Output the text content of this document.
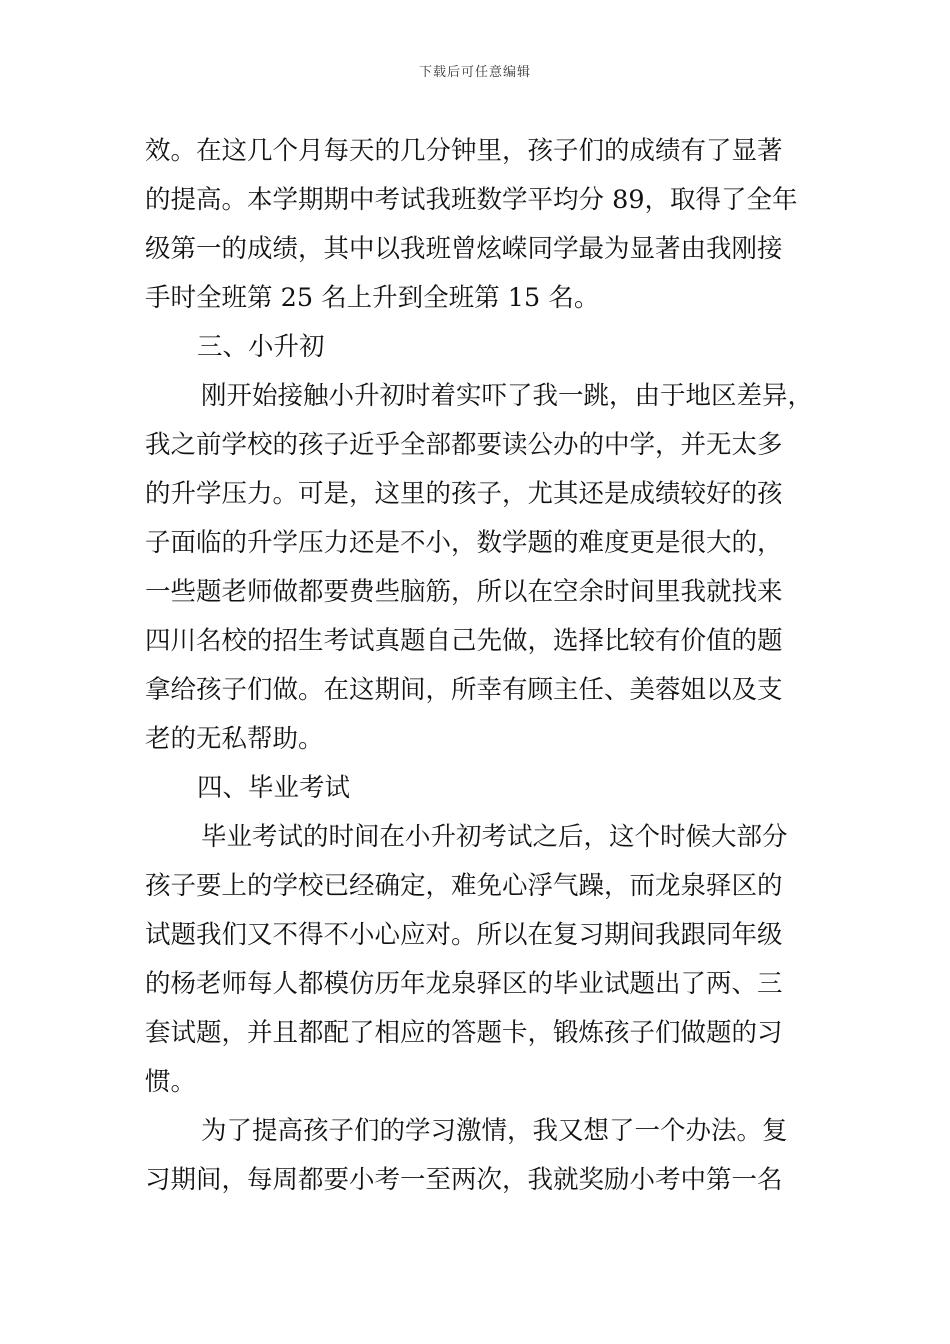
下载后可任意编辑
效。在这几个月每天的几分钟里，孩子们的成绩有了显著
的提高。本学期期中考试我班数学平均分 89，取得了全年
级第一的成绩，其中以我班曾炫嵘同学最为显著由我刚接
手时全班第 25 名上升到全班第 15 名。
三、小升初
刚开始接触小升初时着实吓了我一跳，由于地区差异，
我之前学校的孩子近乎全部都要读公办的中学，并无太多
的升学压力。可是，这里的孩子，尤其还是成绩较好的孩
子面临的升学压力还是不小，数学题的难度更是很大的，
一些题老师做都要费些脑筋，所以在空余时间里我就找来
四川名校的招生考试真题自己先做，选择比较有价值的题
拿给孩子们做。在这期间，所幸有顾主任、美蓉姐以及支
老的无私帮助。
四、毕业考试
毕业考试的时间在小升初考试之后，这个时候大部分
孩子要上的学校已经确定，难免心浮气躁，而龙泉驿区的
试题我们又不得不小心应对。所以在复习期间我跟同年级
的杨老师每人都模仿历年龙泉驿区的毕业试题出了两、三
套试题，并且都配了相应的答题卡，锻炼孩子们做题的习
惯。
为了提高孩子们的学习激情，我又想了一个办法。复
习期间，每周都要小考一至两次，我就奖励小考中第一名
